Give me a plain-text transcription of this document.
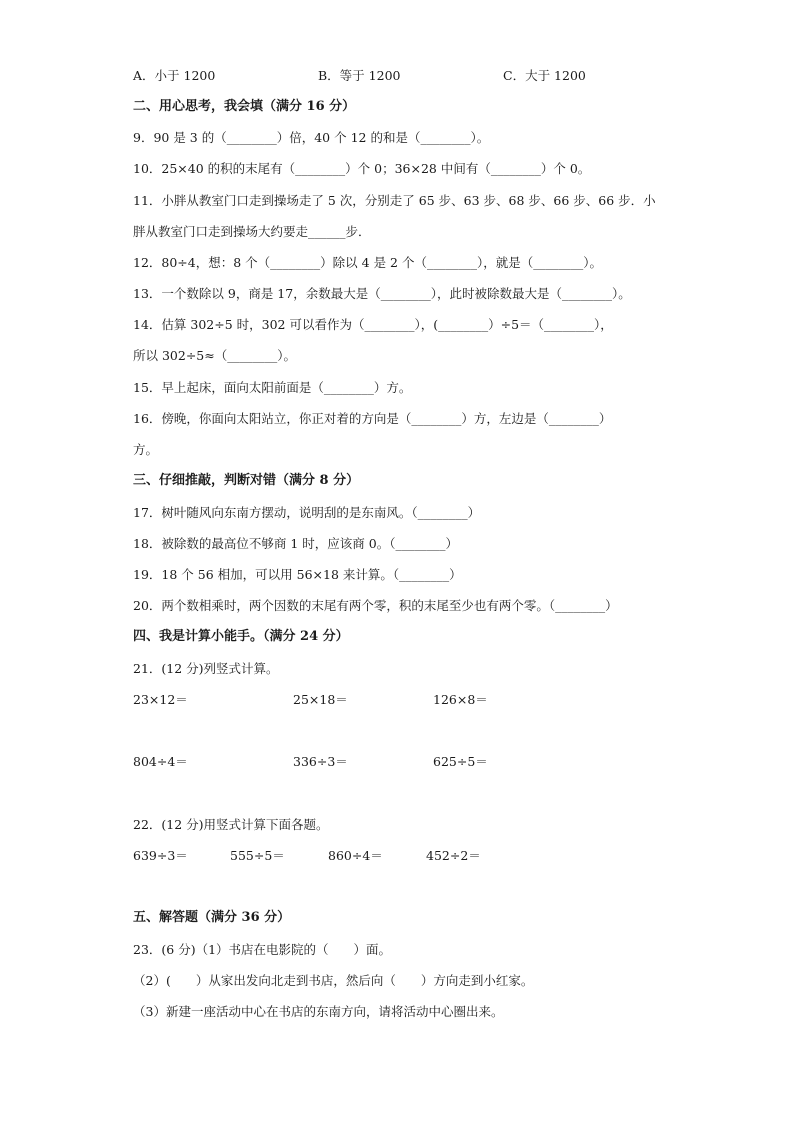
A．小于 1200	B．等于 1200	C．大于 1200
二、用心思考，我会填（满分 16 分）
9．90 是 3 的（________）倍，40 个 12 的和是（________）。
10．25×40 的积的末尾有（________）个 0；36×28 中间有（________）个 0。
11．小胖从教室门口走到操场走了 5 次，分别走了 65 步、63 步、68 步、66 步、66 步．小
胖从教室门口走到操场大约要走______步．
12．80÷4，想：8 个（________）除以 4 是 2 个（________），就是（________）。
13．一个数除以 9，商是 17，余数最大是（________），此时被除数最大是（________）。
14．估算 302÷5 时，302 可以看作为（________），(________）÷5＝（________），
所以 302÷5≈（________）。
15．早上起床，面向太阳前面是（________）方。
16．傍晚，你面向太阳站立，你正对着的方向是（________）方，左边是（________）
方。
三、仔细推敲，判断对错（满分 8 分）
17．树叶随风向东南方摆动，说明刮的是东南风。（________）
18．被除数的最高位不够商 1 时，应该商 0。（________）
19．18 个 56 相加，可以用 56×18 来计算。（________）
20．两个数相乘时，两个因数的末尾有两个零，积的末尾至少也有两个零。（________）
四、我是计算小能手。（满分 24 分）
21．(12 分)列竖式计算。
23×12＝	25×18＝	126×8＝
804÷4＝	336÷3＝	625÷5＝
22．(12 分)用竖式计算下面各题。
639÷3＝	555÷5＝	860÷4＝	452÷2＝
五、解答题（满分 36 分）
23．(6 分)（1）书店在电影院的（　　）面。
（2）(　　）从家出发向北走到书店，然后向（　　）方向走到小红家。
（3）新建一座活动中心在书店的东南方向，请将活动中心圈出来。
